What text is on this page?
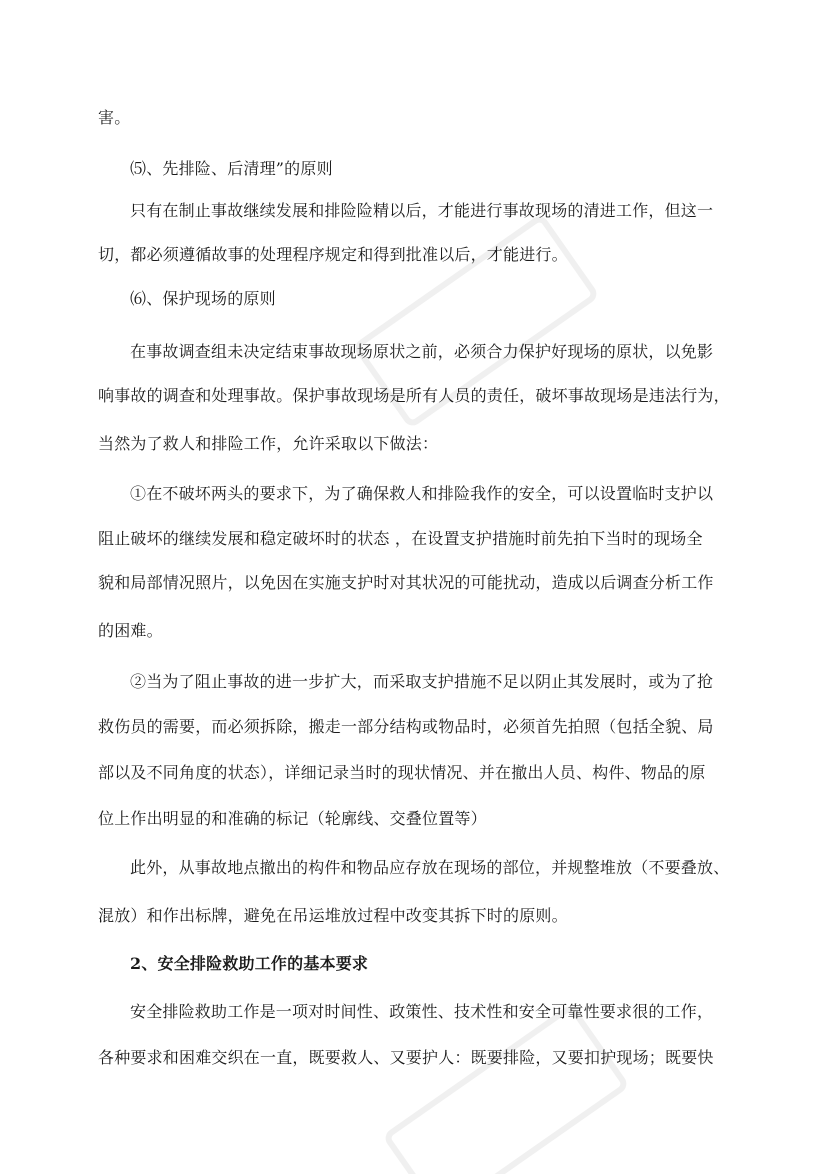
害。
⑸、先排险、后清理”的原则
只有在制止事故继续发展和排险险精以后，才能进行事故现场的清进工作，但这一
切，都必须遵循故事的处理程序规定和得到批准以后，才能进行。
⑹、保护现场的原则
在事故调查组未决定结束事故现场原状之前，必须合力保护好现场的原状，以免影
响事故的调查和处理事故。保护事故现场是所有人员的责任，破坏事故现场是违法行为，
当然为了救人和排险工作，允许采取以下做法：
①在不破坏两头的要求下，为了确保救人和排险我作的安全，可以设置临时支护以
阻止破坏的继续发展和稳定破坏时的状态 ，在设置支护措施时前先拍下当时的现场全
貌和局部情况照片，以免因在实施支护时对其状况的可能扰动，造成以后调查分析工作
的困难。
②当为了阻止事故的进一步扩大，而采取支护措施不足以阴止其发展时，或为了抢
救伤员的需要，而必须拆除，搬走一部分结构或物品时，必须首先拍照（包括全貌、局
部以及不同角度的状态），详细记录当时的现状情况、并在撤出人员、构件、物品的原
位上作出明显的和准确的标记（轮廓线、交叠位置等）
此外，从事故地点撤出的构件和物品应存放在现场的部位，并规整堆放（不要叠放、
混放）和作出标牌，避免在吊运堆放过程中改变其拆下时的原则。
2、安全排险救助工作的基本要求
安全排险救助工作是一项对时间性、政策性、技术性和安全可靠性要求很的工作，
各种要求和困难交织在一直，既要救人、又要护人：既要排险，又要扣护现场；既要快
